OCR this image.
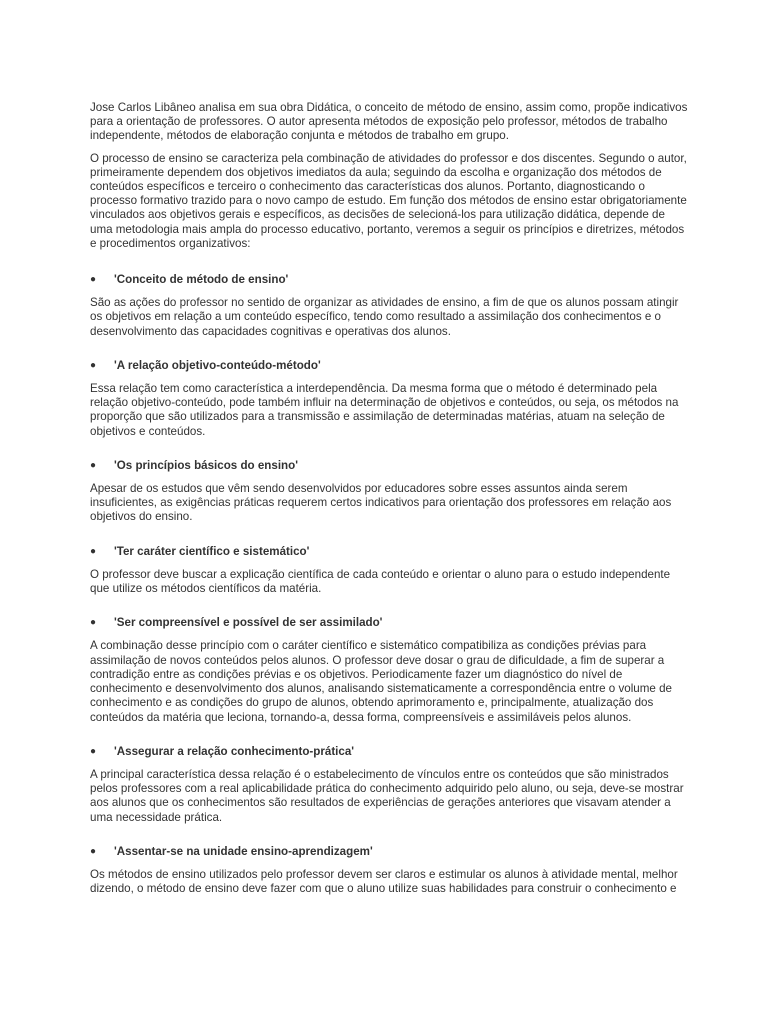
Jose Carlos Libâneo analisa em sua obra Didática, o conceito de método de ensino, assim como, propõe indicativos para a orientação de professores. O autor apresenta métodos de exposição pelo professor, métodos de trabalho independente, métodos de elaboração conjunta e métodos de trabalho em grupo.

O processo de ensino se caracteriza pela combinação de atividades do professor e dos discentes. Segundo o autor, primeiramente dependem dos objetivos imediatos da aula; seguindo da escolha e organização dos métodos de conteúdos específicos e terceiro o conhecimento das características dos alunos. Portanto, diagnosticando o processo formativo trazido para o novo campo de estudo. Em função dos métodos de ensino estar obrigatoriamente vinculados aos objetivos gerais e específicos, as decisões de selecioná-los para utilização didática, depende de uma metodologia mais ampla do processo educativo, portanto, veremos a seguir os princípios e diretrizes, métodos e procedimentos organizativos:

●	'Conceito de método de ensino'

São as ações do professor no sentido de organizar as atividades de ensino, a fim de que os alunos possam atingir os objetivos em relação a um conteúdo específico, tendo como resultado a assimilação dos conhecimentos e o desenvolvimento das capacidades cognitivas e operativas dos alunos.

●	'A relação objetivo-conteúdo-método'

Essa relação tem como característica a interdependência. Da mesma forma que o método é determinado pela relação objetivo-conteúdo, pode também influir na determinação de objetivos e conteúdos, ou seja, os métodos na proporção que são utilizados para a transmissão e assimilação de determinadas matérias, atuam na seleção de objetivos e conteúdos.

●	'Os princípios básicos do ensino'

Apesar de os estudos que vêm sendo desenvolvidos por educadores sobre esses assuntos ainda serem insuficientes, as exigências práticas requerem certos indicativos para orientação dos professores em relação aos objetivos do ensino.

●	'Ter caráter científico e sistemático'

O professor deve buscar a explicação científica de cada conteúdo e orientar o aluno para o estudo independente que utilize os métodos científicos da matéria.

●	'Ser compreensível e possível de ser assimilado'

A combinação desse princípio com o caráter científico e sistemático compatibiliza as condições prévias para assimilação de novos conteúdos pelos alunos. O professor deve dosar o grau de dificuldade, a fim de superar a contradição entre as condições prévias e os objetivos. Periodicamente fazer um diagnóstico do nível de conhecimento e desenvolvimento dos alunos, analisando sistematicamente a correspondência entre o volume de conhecimento e as condições do grupo de alunos, obtendo aprimoramento e, principalmente, atualização dos conteúdos da matéria que leciona, tornando-a, dessa forma, compreensíveis e assimiláveis pelos alunos.

●	'Assegurar a relação conhecimento-prática'

A principal característica dessa relação é o estabelecimento de vínculos entre os conteúdos que são ministrados pelos professores com a real aplicabilidade prática do conhecimento adquirido pelo aluno, ou seja, deve-se mostrar aos alunos que os conhecimentos são resultados de experiências de gerações anteriores que visavam atender a uma necessidade prática.

●	'Assentar-se na unidade ensino-aprendizagem'

Os métodos de ensino utilizados pelo professor devem ser claros e estimular os alunos à atividade mental, melhor dizendo, o método de ensino deve fazer com que o aluno utilize suas habilidades para construir o conhecimento e
